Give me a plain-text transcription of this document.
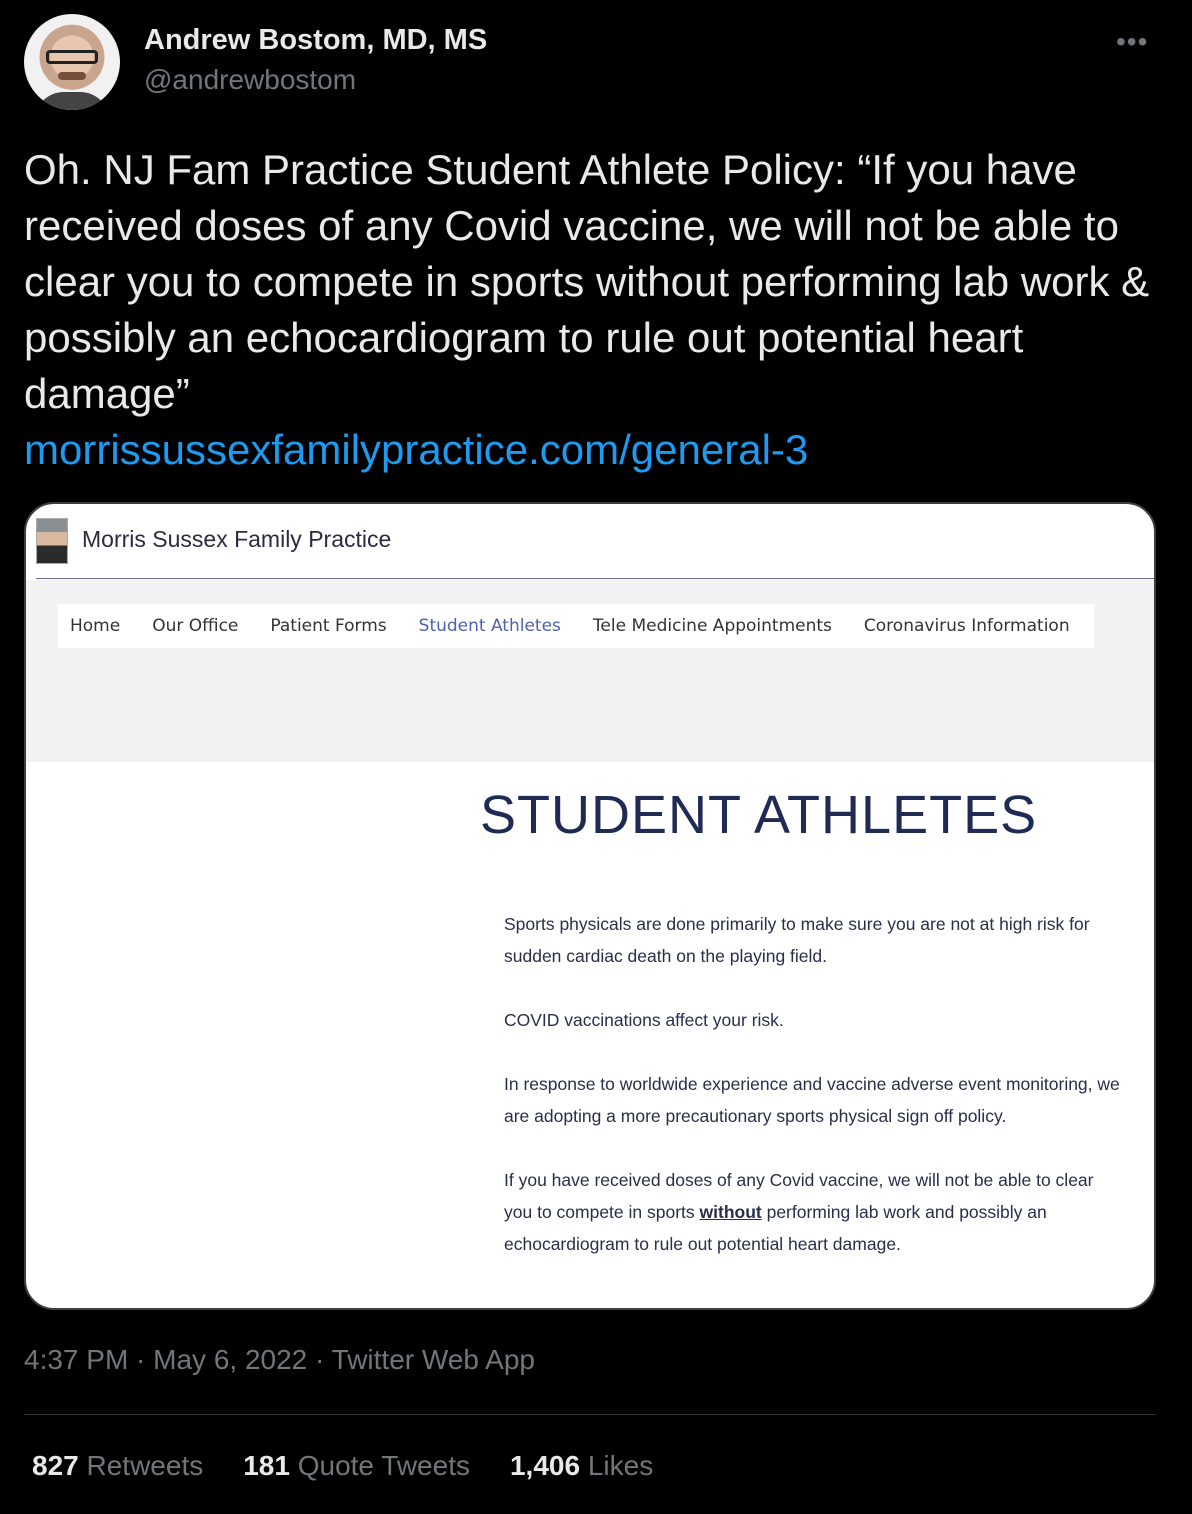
Andrew Bostom, MD, MS
@andrewbostom
•••
Oh. NJ Fam Practice Student Athlete Policy: “If you have received doses of any Covid vaccine, we will not be able to clear you to compete in sports without performing lab work & possibly an echocardiogram to rule out potential heart damage”
morrissussexfamilypractice.com/general-3
Morris Sussex Family Practice
Home Our Office Patient Forms Student Athletes Tele Medicine Appointments Coronavirus Information
STUDENT ATHLETES

Sports physicals are done primarily to make sure you are not at high risk for sudden cardiac death on the playing field.

COVID vaccinations affect your risk.

In response to worldwide experience and vaccine adverse event monitoring, we are adopting a more precautionary sports physical sign off policy.

If you have received doses of any Covid vaccine, we will not be able to clear you to compete in sports without performing lab work and possibly an echocardiogram to rule out potential heart damage.

4:37 PM · May 6, 2022 · Twitter Web App
827 Retweets 181 Quote Tweets 1,406 Likes
